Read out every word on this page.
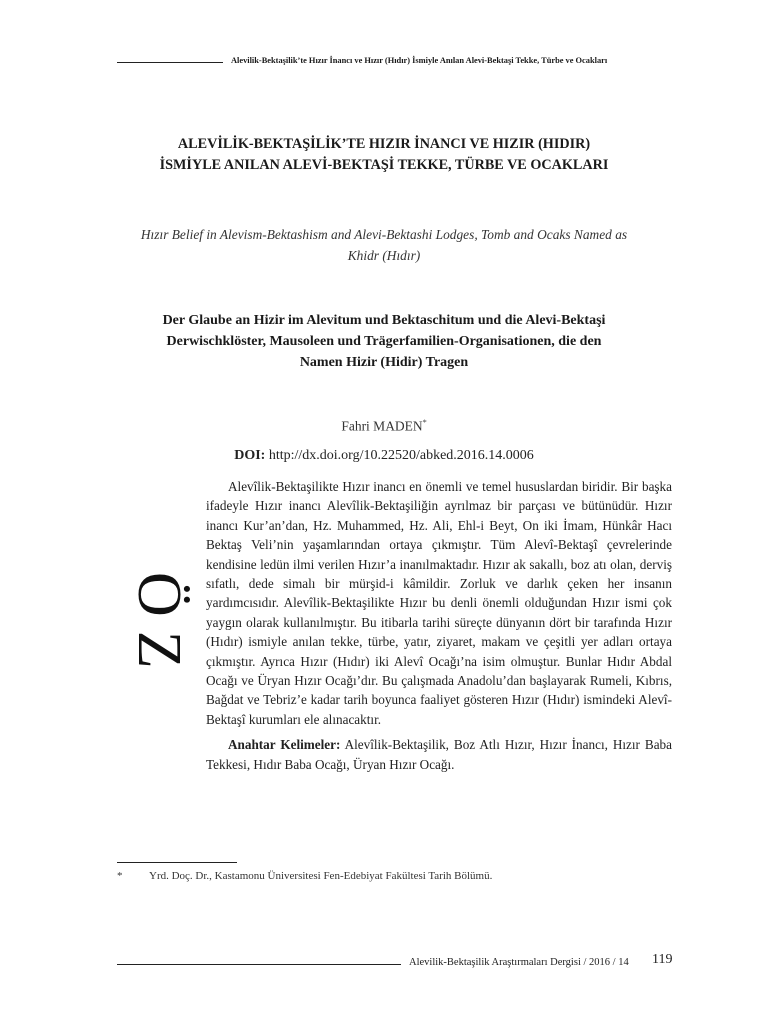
Alevilik-Bektaşilik’te Hızır İnancı ve Hızır (Hıdır) İsmiyle Anılan Alevi-Bektaşi Tekke, Türbe ve Ocakları
ALEVİLİK-BEKTAŞİLİK’TE HIZIR İNANCI VE HIZIR (HIDIR)
İSMİYLE ANILAN ALEVİ-BEKTAŞİ TEKKE, TÜRBE VE OCAKLARI
Hızır Belief in Alevism-Bektashism and Alevi-Bektashi Lodges, Tomb and Ocaks Named as
Khidr (Hıdır)
Der Glaube an Hizir im Alevitum und Bektaschitum und die Alevi-Bektaşi
Derwischklöster, Mausoleen und Trägerfamilien-Organisationen, die den
Namen Hizir (Hidir) Tragen
Fahri MADEN*
DOI: http://dx.doi.org/10.22520/abked.2016.14.0006
ÖZ

Alevîlik-Bektaşilikte Hızır inancı en önemli ve temel hususlardan biridir. Bir başka ifadeyle Hızır inancı Alevîlik-Bektaşiliğin ayrılmaz bir parçası ve bütünüdür. Hızır inancı Kur’an’dan, Hz. Muhammed, Hz. Ali, Ehl-i Beyt, On iki İmam, Hünkâr Hacı Bektaş Veli’nin yaşamlarından ortaya çıkmıştır. Tüm Alevî-Bektaşî çevrelerinde kendisine ledün ilmi verilen Hızır’a inanılmaktadır. Hızır ak sakallı, boz atı olan, derviş sıfatlı, dede simalı bir mürşid-i kâmildir. Zorluk ve darlık çeken her insanın yardımcısıdır. Alevîlik-Bektaşilikte Hızır bu denli önemli olduğundan Hızır ismi çok yaygın olarak kullanılmıştır. Bu itibarla tarihi süreçte dünyanın dört bir tarafında Hızır (Hıdır) ismiyle anılan tekke, türbe, yatır, ziyaret, makam ve çeşitli yer adları ortaya çıkmıştır. Ayrıca Hızır (Hıdır) iki Alevî Ocağı’na isim olmuştur. Bunlar Hıdır Abdal Ocağı ve Üryan Hızır Ocağı’dır. Bu çalışmada Anadolu’dan başlayarak Rumeli, Kıbrıs, Bağdat ve Tebriz’e kadar tarih boyunca faaliyet gösteren Hızır (Hıdır) ismindeki Alevî-Bektaşî kurumları ele alınacaktır.

Anahtar Kelimeler: Alevîlik-Bektaşilik, Boz Atlı Hızır, Hızır İnancı, Hızır Baba Tekkesi, Hıdır Baba Ocağı, Üryan Hızır Ocağı.

* Yrd. Doç. Dr., Kastamonu Üniversitesi Fen-Edebiyat Fakültesi Tarih Bölümü.
Alevilik-Bektaşilik Araştırmaları Dergisi / 2016 / 14 119
